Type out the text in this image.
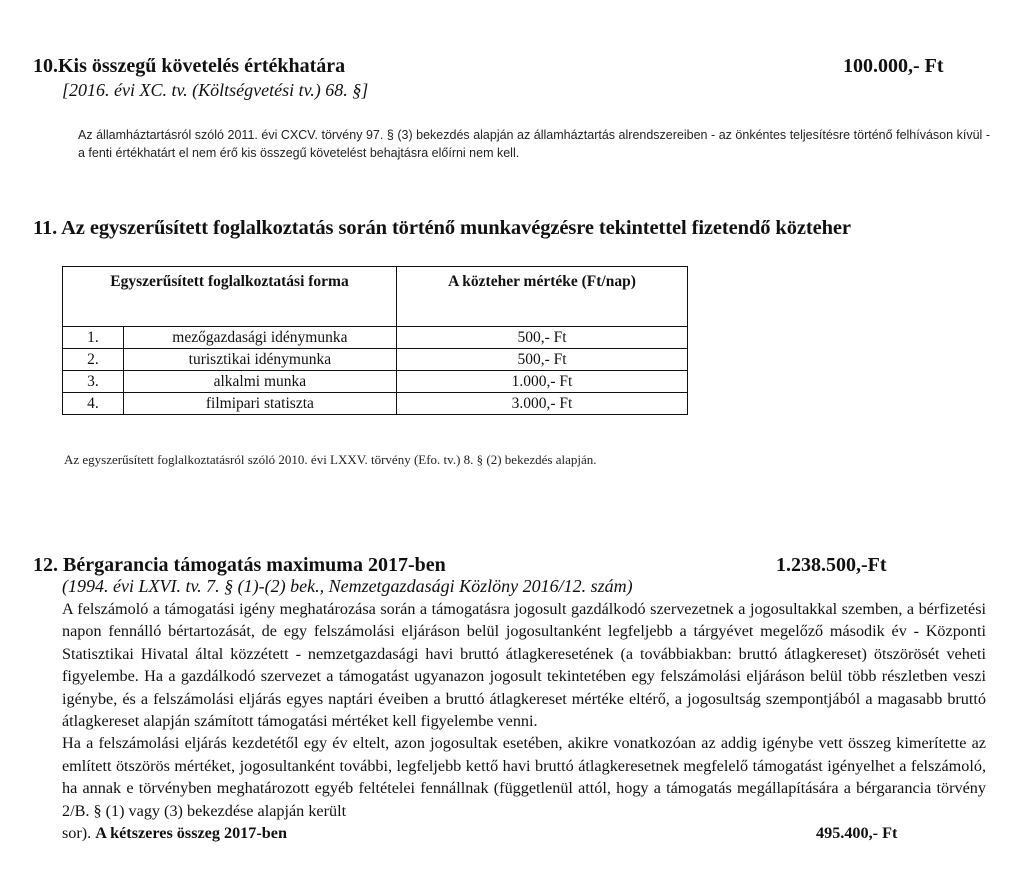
10.Kis összegű követelés értékhatára	100.000,- Ft
[2016. évi XC. tv. (Költségvetési tv.) 68. §]
Az államháztartásról szóló 2011. évi CXCV. törvény 97. § (3) bekezdés alapján az államháztartás alrendszereiben - az önkéntes teljesítésre történő felhíváson kívül - a fenti értékhatárt el nem érő kis összegű követelést behajtásra előírni nem kell.
11. Az egyszerűsített foglalkoztatás során történő munkavégzésre tekintettel fizetendő közteher
Egyszerűsített foglalkoztatási forma		A közteher mértéke (Ft/nap)
1.	mezőgazdasági idénymunka	500,- Ft
2.	turisztikai idénymunka	500,- Ft
3.	alkalmi munka	1.000,- Ft
4.	filmipari statiszta	3.000,- Ft
Az egyszerűsített foglalkoztatásról szóló 2010. évi LXXV. törvény (Efo. tv.) 8. § (2) bekezdés alapján.
12. Bérgarancia támogatás maximuma 2017-ben	1.238.500,-Ft
(1994. évi LXVI. tv. 7. § (1)-(2) bek., Nemzetgazdasági Közlöny 2016/12. szám)

A felszámoló a támogatási igény meghatározása során a támogatásra jogosult gazdálkodó szervezetnek a jogosultakkal szemben, a bérfizetési napon fennálló bértartozását, de egy felszámolási eljáráson belül jogosultanként legfeljebb a tárgyévet megelőző második év - Központi Statisztikai Hivatal által közzétett - nemzetgazdasági havi bruttó átlagkeresetének (a továbbiakban: bruttó átlagkereset) ötszörösét veheti figyelembe. Ha a gazdálkodó szervezet a támogatást ugyanazon jogosult tekintetében egy felszámolási eljáráson belül több részletben veszi igénybe, és a felszámolási eljárás egyes naptári éveiben a bruttó átlagkereset mértéke eltérő, a jogosultság szempontjából a magasabb bruttó átlagkereset alapján számított támogatási mértéket kell figyelembe venni.

Ha a felszámolási eljárás kezdetétől egy év eltelt, azon jogosultak esetében, akikre vonatkozóan az addig igénybe vett összeg kimerítette az említett ötszörös mértéket, jogosultanként további, legfeljebb kettő havi bruttó átlagkeresetnek megfelelő támogatást igényelhet a felszámoló, ha annak e törvényben meghatározott egyéb feltételei fennállnak (függetlenül attól, hogy a támogatás megállapítására a bérgarancia törvény 2/B. § (1) vagy (3) bekezdése alapján került

sor). A kétszeres összeg 2017-ben	495.400,- Ft
